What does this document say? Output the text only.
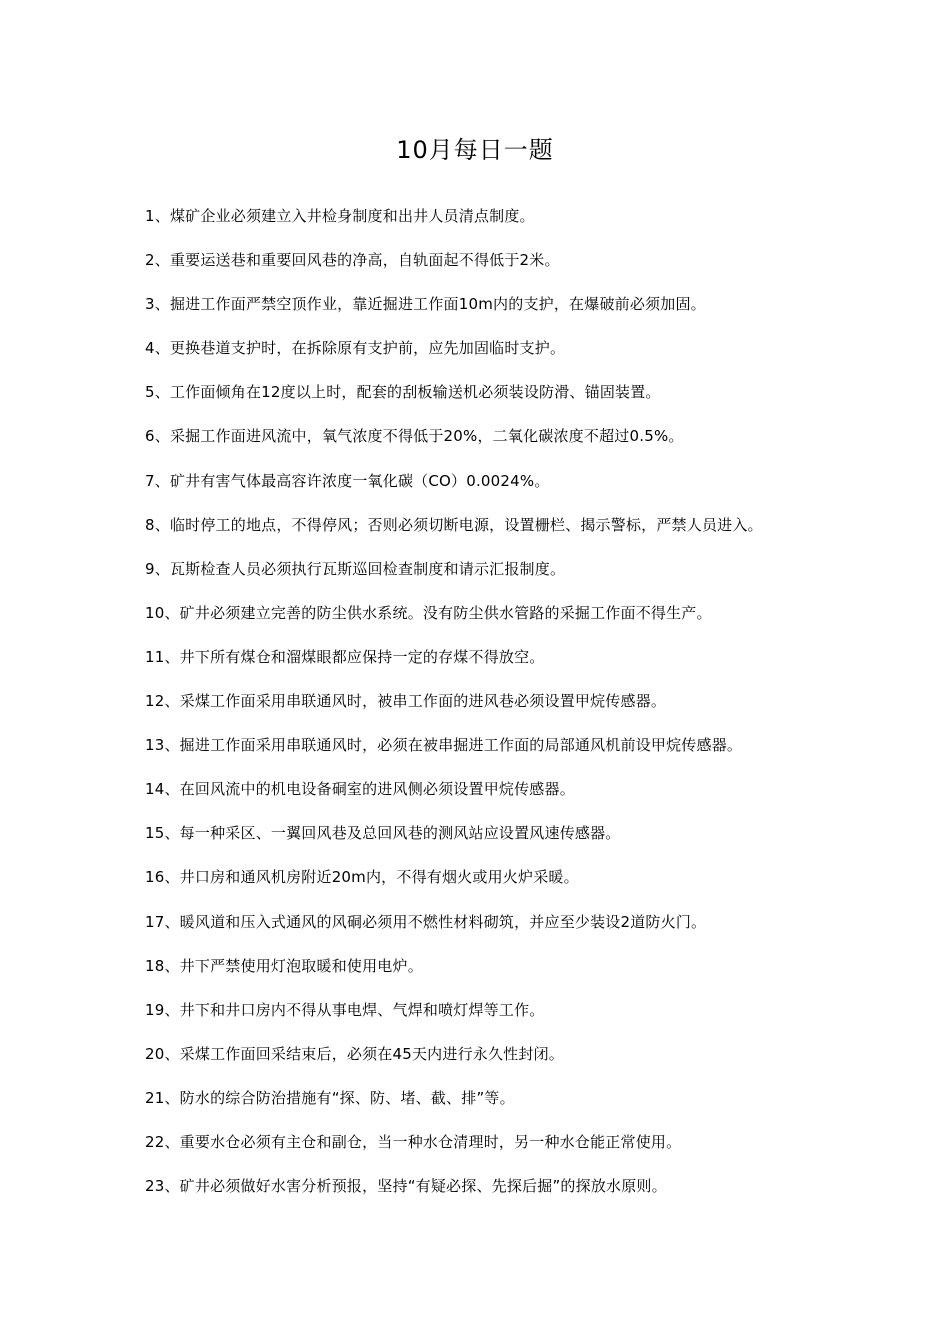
10月每日一题
1、煤矿企业必须建立入井检身制度和出井人员清点制度。
2、重要运送巷和重要回风巷的净高，自轨面起不得低于2米。
3、掘进工作面严禁空顶作业，靠近掘进工作面10m内的支护，在爆破前必须加固。
4、更换巷道支护时，在拆除原有支护前，应先加固临时支护。
5、工作面倾角在12度以上时，配套的刮板输送机必须装设防滑、锚固装置。
6、采掘工作面进风流中，氧气浓度不得低于20%，二氧化碳浓度不超过0.5%。
7、矿井有害气体最高容许浓度一氧化碳（CO）0.0024%。
8、临时停工的地点，不得停风；否则必须切断电源，设置栅栏、揭示警标，严禁人员进入。
9、瓦斯检查人员必须执行瓦斯巡回检查制度和请示汇报制度。
10、矿井必须建立完善的防尘供水系统。没有防尘供水管路的采掘工作面不得生产。
11、井下所有煤仓和溜煤眼都应保持一定的存煤不得放空。
12、采煤工作面采用串联通风时，被串工作面的进风巷必须设置甲烷传感器。
13、掘进工作面采用串联通风时，必须在被串掘进工作面的局部通风机前设甲烷传感器。
14、在回风流中的机电设备硐室的进风侧必须设置甲烷传感器。
15、每一种采区、一翼回风巷及总回风巷的测风站应设置风速传感器。
16、井口房和通风机房附近20m内，不得有烟火或用火炉采暖。
17、暖风道和压入式通风的风硐必须用不燃性材料砌筑，并应至少装设2道防火门。
18、井下严禁使用灯泡取暖和使用电炉。
19、井下和井口房内不得从事电焊、气焊和喷灯焊等工作。
20、采煤工作面回采结束后，必须在45天内进行永久性封闭。
21、防水的综合防治措施有“探、防、堵、截、排”等。
22、重要水仓必须有主仓和副仓，当一种水仓清理时，另一种水仓能正常使用。
23、矿井必须做好水害分析预报，坚持“有疑必探、先探后掘”的探放水原则。
